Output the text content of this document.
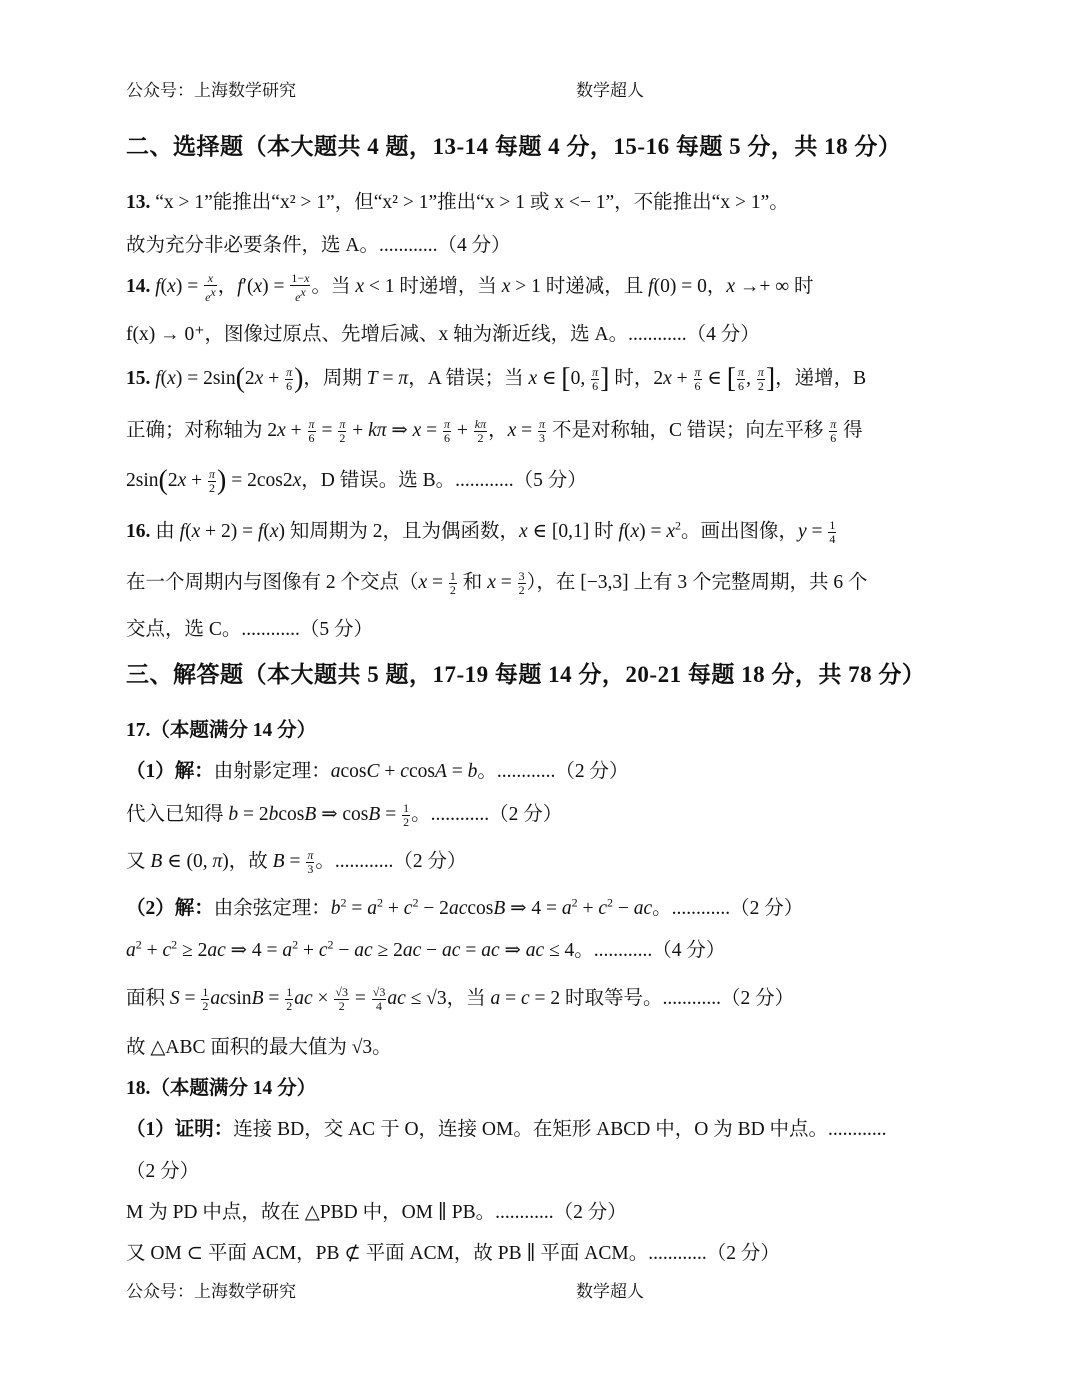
公众号：上海数学研究	数学超人
二、选择题（本大题共 4 题，13-14 每题 4 分，15-16 每题 5 分，共 18 分）
13. “x > 1”能推出“x² > 1”，但“x² > 1”推出“x > 1 或 x <− 1”，不能推出“x > 1”。
故为充分非必要条件，选 A。............（4 分）
14. $f(x) = \frac{x}{e^x}$ ，$f'(x) = \frac{1-x}{e^x}$ 。当 x < 1 时递增，当 x > 1 时递减，且 f(0) = 0，x →+ ∞ 时
f(x) → 0⁺，图像过原点、先增后减、x 轴为渐近线，选 A。............（4 分）
15. $f(x) = 2\sin(2x + \frac{\pi}{6}$ )，周期 T = π，A 错误；当 x ∈ [0, $\frac{\pi}{6}$ ] 时，$2x + \frac{\pi}{6}$ ∈ [ $\frac{\pi}{6}$ , $\frac{\pi}{2}$ ]，递增，B
正确；对称轴为 $2x + \frac{\pi}{6} = \frac{\pi}{2} + k\pi$ ⇒ $x = \frac{\pi}{6} + \frac{k\pi}{2}$ ，$x = \frac{\pi}{3}$ 不是对称轴，C 错误；向左平移 $\frac{\pi}{6}$ 得
$2\sin(2x + \frac{\pi}{2}$ ) = 2cos2x，D 错误。选 B。............（5 分）
16. 由 f(x + 2) = f(x) 知周期为 2，且为偶函数，x ∈ [0,1] 时 $f(x) = x^2$。画出图像，$y = \frac{1}{4}$
在一个周期内与图像有 2 个交点（$x = \frac{1}{2}$ 和 $x = \frac{3}{2}$ ），在 [−3,3] 上有 3 个完整周期，共 6 个
交点，选 C。............（5 分）
三、解答题（本大题共 5 题，17-19 每题 14 分，20-21 每题 18 分，共 78 分）
17.（本题满分 14 分）
（1）解：由射影定理：acosC + ccosA = b。............（2 分）
代入已知得 b = 2bcosB ⇒ $\cos B = \frac{1}{2}$ 。............（2 分）
又 B ∈ (0, π)，故 $B = \frac{\pi}{3}$ 。............（2 分）
（2）解：由余弦定理：$b^2 = a^2 + c^2 - 2accosB$ ⇒ $4 = a^2 + c^2$ − ac。............（2 分）
$a^2 + c^2 \ge 2ac$ ⇒ $4 = a^2 + c^2$ − ac ≥ 2ac − ac = ac ⇒ ac ≤ 4。............（4 分）
面积 $S = \frac{1}{2}$ $acsinB = \frac{1}{2}$ ac × $\frac{√3}{2} = \frac{√3}{4}$ ac ≤ √3，当 a = c = 2 时取等号。............（2 分）
故 △ABC 面积的最大值为 √3。
18.（本题满分 14 分）
（1）证明：连接 BD，交 AC 于 O，连接 OM。在矩形 ABCD 中，O 为 BD 中点。............
（2 分）
M 为 PD 中点，故在 △PBD 中，OM ∥ PB。............（2 分）
又 OM ⊂ 平面 ACM，PB ⊄ 平面 ACM，故 PB ∥ 平面 ACM。............（2 分）
公众号：上海数学研究	数学超人
